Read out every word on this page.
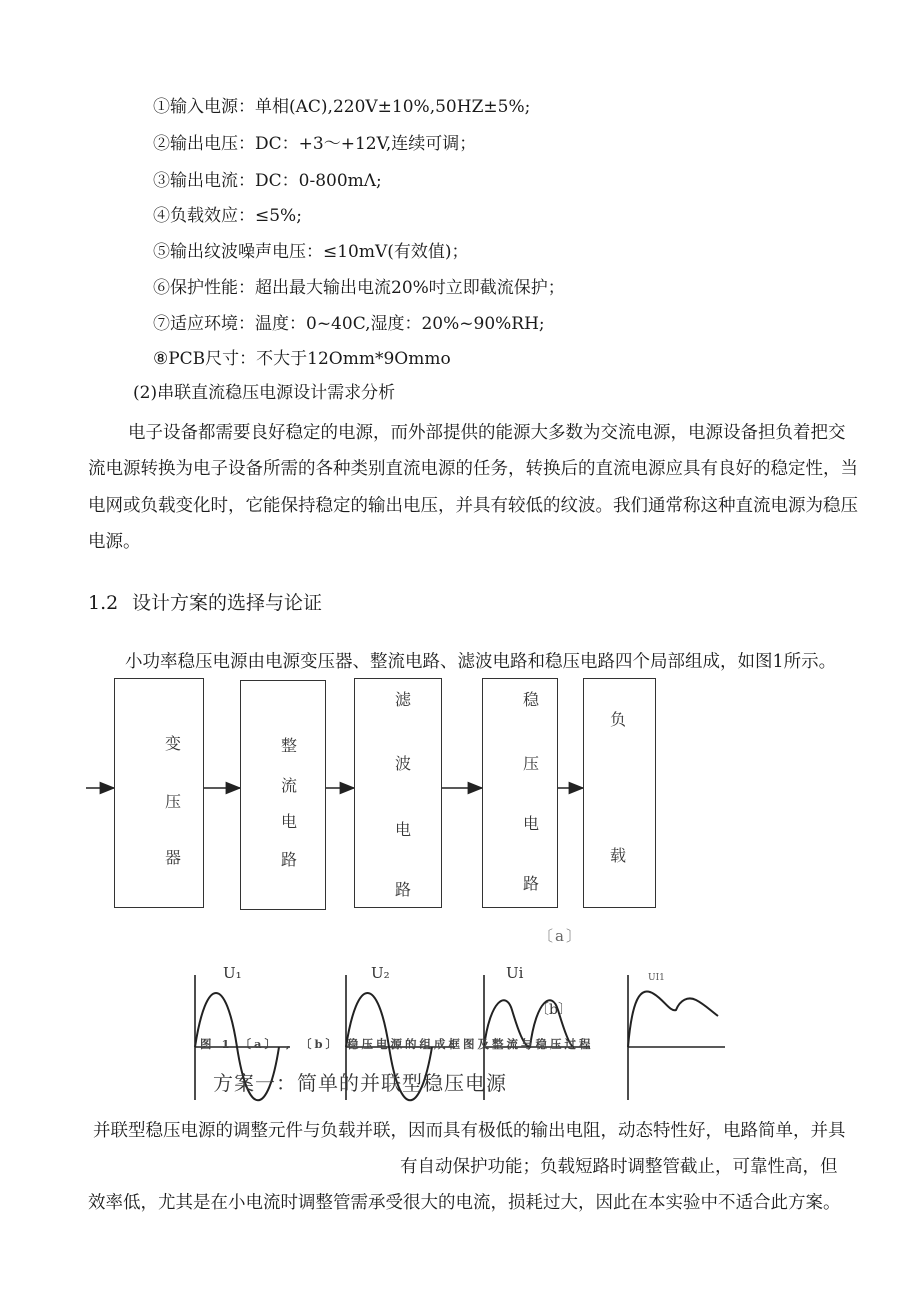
①输入电源：单相(AC),220V±10%,50HZ±5%;
②输出电压：DC：+3～+12V,连续可调；
③输出电流：DC：0-800mΛ;
④负载效应：≤5%;
⑤输出纹波噪声电压：≤10mV(有效值)；
⑥保护性能：超出最大输出电流20%吋立即截流保护；
⑦适应环境：温度：0~40C,湿度：20%~90%RH;
⑧PCB尺寸：不大于12Omm*9Ommo
(2)串联直流稳压电源设计需求分析
电子设备都需要良好稳定的电源，而外部提供的能源大多数为交流电源，电源设备担负着把交
流电源转换为电子设备所需的各种类别直流电源的任务，转换后的直流电源应具有良好的稳定性，当
电网或负载变化时，它能保持稳定的输出电压，并具有较低的纹波。我们通常称这种直流电源为稳压
电源。
1.2 设计方案的选择与论证
小功率稳压电源由电源变压器、整流电路、滤波电路和稳压电路四个局部组成，如图1所示。
变
压
器
整
流
电
路
滤
波
电
路
稳
压
电
路
负
载
〔a〕
U₁	U₂	Ui	UI1
〔b〕
图 1 〔a〕 , 〔b〕 稳压电源的组成框图及整流与稳压过程
方案一：简单的并联型稳压电源
并联型稳压电源的调整元件与负载并联，因而具有极低的输出电阻，动态特性好，电路简单，并具
有自动保护功能；负载短路时调整管截止，可靠性高，但
效率低，尤其是在小电流时调整管需承受很大的电流，损耗过大，因此在本实验中不适合此方案。
